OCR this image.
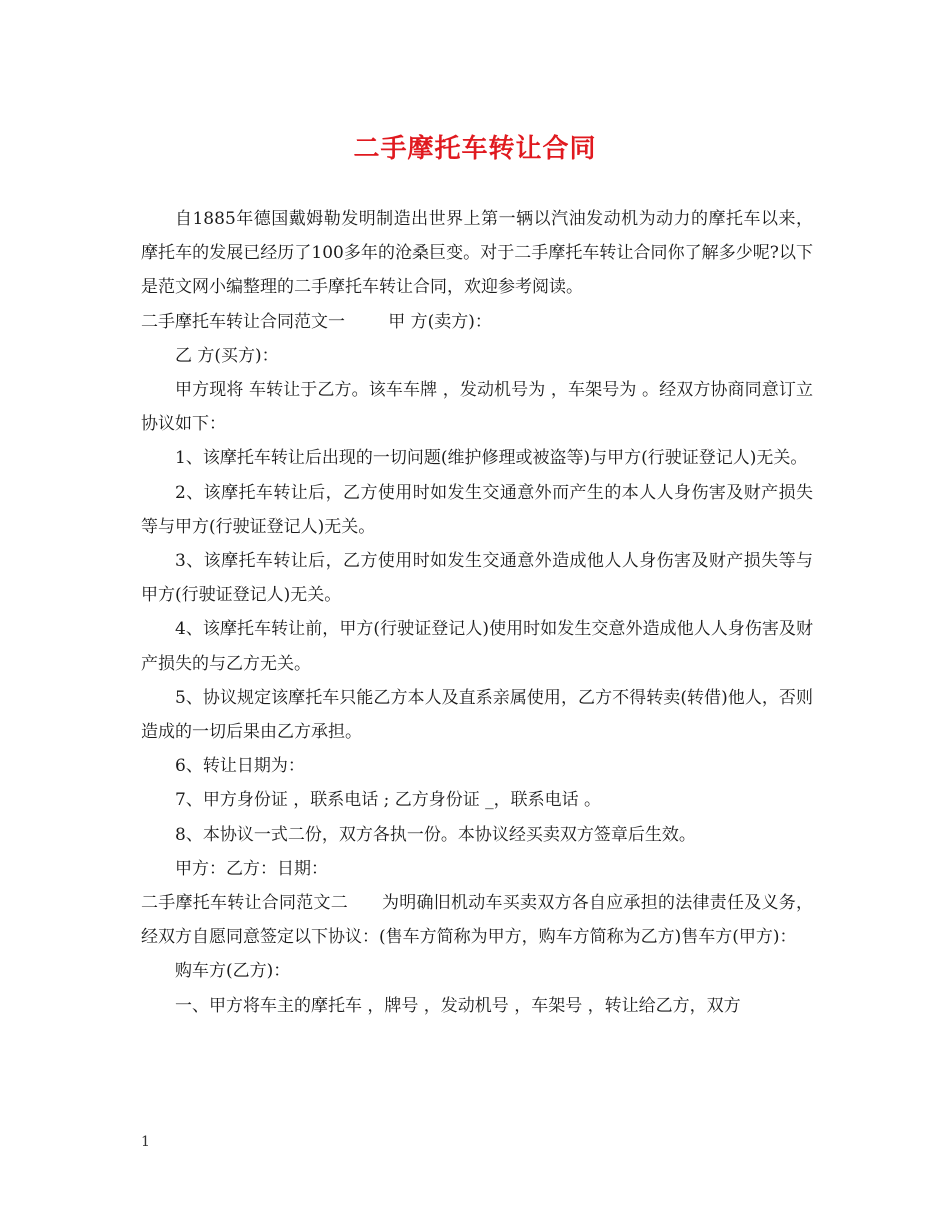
二手摩托车转让合同

自1885年德国戴姆勒发明制造出世界上第一辆以汽油发动机为动力的摩托车以来，摩托车的发展已经历了100多年的沧桑巨变。对于二手摩托车转让合同你了解多少呢?以下是范文网小编整理的二手摩托车转让合同，欢迎参考阅读。

二手摩托车转让合同范文一        甲 方(卖方)：

乙 方(买方)：

甲方现将 车转让于乙方。该车车牌 ，发动机号为 ，车架号为 。经双方协商同意订立协议如下：

1、该摩托车转让后出现的一切问题(维护修理或被盗等)与甲方(行驶证登记人)无关。

2、该摩托车转让后，乙方使用时如发生交通意外而产生的本人人身伤害及财产损失等与甲方(行驶证登记人)无关。

3、该摩托车转让后，乙方使用时如发生交通意外造成他人人身伤害及财产损失等与甲方(行驶证登记人)无关。

4、该摩托车转让前，甲方(行驶证登记人)使用时如发生交意外造成他人人身伤害及财产损失的与乙方无关。

5、协议规定该摩托车只能乙方本人及直系亲属使用，乙方不得转卖(转借)他人，否则造成的一切后果由乙方承担。

6、转让日期为：

7、甲方身份证 ，联系电话 ; 乙方身份证 _，联系电话 。

8、本协议一式二份，双方各执一份。本协议经买卖双方签章后生效。

甲方：乙方：日期：

二手摩托车转让合同范文二      为明确旧机动车买卖双方各自应承担的法律责任及义务，经双方自愿同意签定以下协议：(售车方简称为甲方，购车方简称为乙方)售车方(甲方)：

购车方(乙方)：

一、甲方将车主的摩托车 ，牌号 ，发动机号 ，车架号 ，转让给乙方，双方

1
